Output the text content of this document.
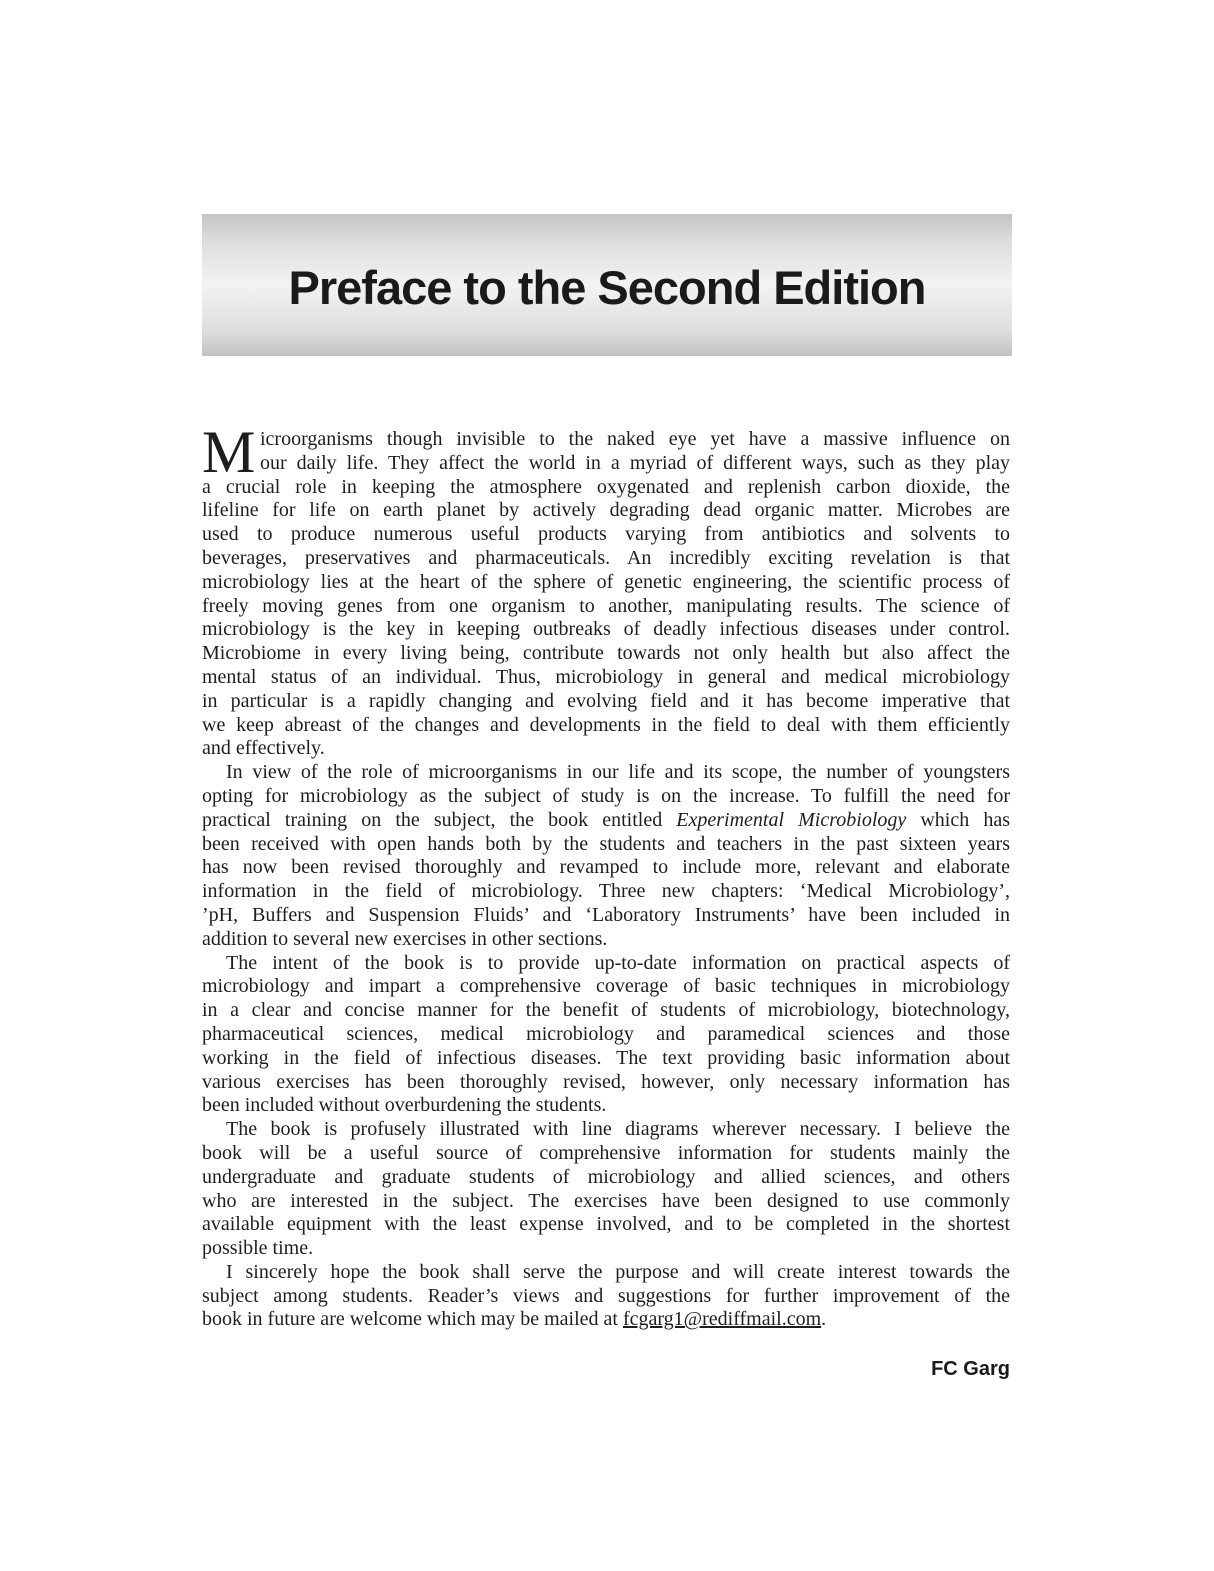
Preface to the Second Edition
M icroorganisms though invisible to the naked eye yet have a massive influence on
our daily life. They affect the world in a myriad of different ways, such as they play
a crucial role in keeping the atmosphere oxygenated and replenish carbon dioxide, the
lifeline for life on earth planet by actively degrading dead organic matter. Microbes are
used to produce numerous useful products varying from antibiotics and solvents to
beverages, preservatives and pharmaceuticals. An incredibly exciting revelation is that
microbiology lies at the heart of the sphere of genetic engineering, the scientific process of
freely moving genes from one organism to another, manipulating results. The science of
microbiology is the key in keeping outbreaks of deadly infectious diseases under control.
Microbiome in every living being, contribute towards not only health but also affect the
mental status of an individual. Thus, microbiology in general and medical microbiology
in particular is a rapidly changing and evolving field and it has become imperative that
we keep abreast of the changes and developments in the field to deal with them efficiently
and effectively.
In view of the role of microorganisms in our life and its scope, the number of youngsters
opting for microbiology as the subject of study is on the increase. To fulfill the need for
practical training on the subject, the book entitled Experimental Microbiology which has
been received with open hands both by the students and teachers in the past sixteen years
has now been revised thoroughly and revamped to include more, relevant and elaborate
information in the field of microbiology. Three new chapters: ‘Medical Microbiology’,
’pH, Buffers and Suspension Fluids’ and ‘Laboratory Instruments’ have been included in
addition to several new exercises in other sections.
The intent of the book is to provide up-to-date information on practical aspects of
microbiology and impart a comprehensive coverage of basic techniques in microbiology
in a clear and concise manner for the benefit of students of microbiology, biotechnology,
pharmaceutical sciences, medical microbiology and paramedical sciences and those
working in the field of infectious diseases. The text providing basic information about
various exercises has been thoroughly revised, however, only necessary information has
been included without overburdening the students.
The book is profusely illustrated with line diagrams wherever necessary. I believe the
book will be a useful source of comprehensive information for students mainly the
undergraduate and graduate students of microbiology and allied sciences, and others
who are interested in the subject. The exercises have been designed to use commonly
available equipment with the least expense involved, and to be completed in the shortest
possible time.
I sincerely hope the book shall serve the purpose and will create interest towards the
subject among students. Reader’s views and suggestions for further improvement of the
book in future are welcome which may be mailed at fcgarg1@rediffmail.com.
FC Garg
